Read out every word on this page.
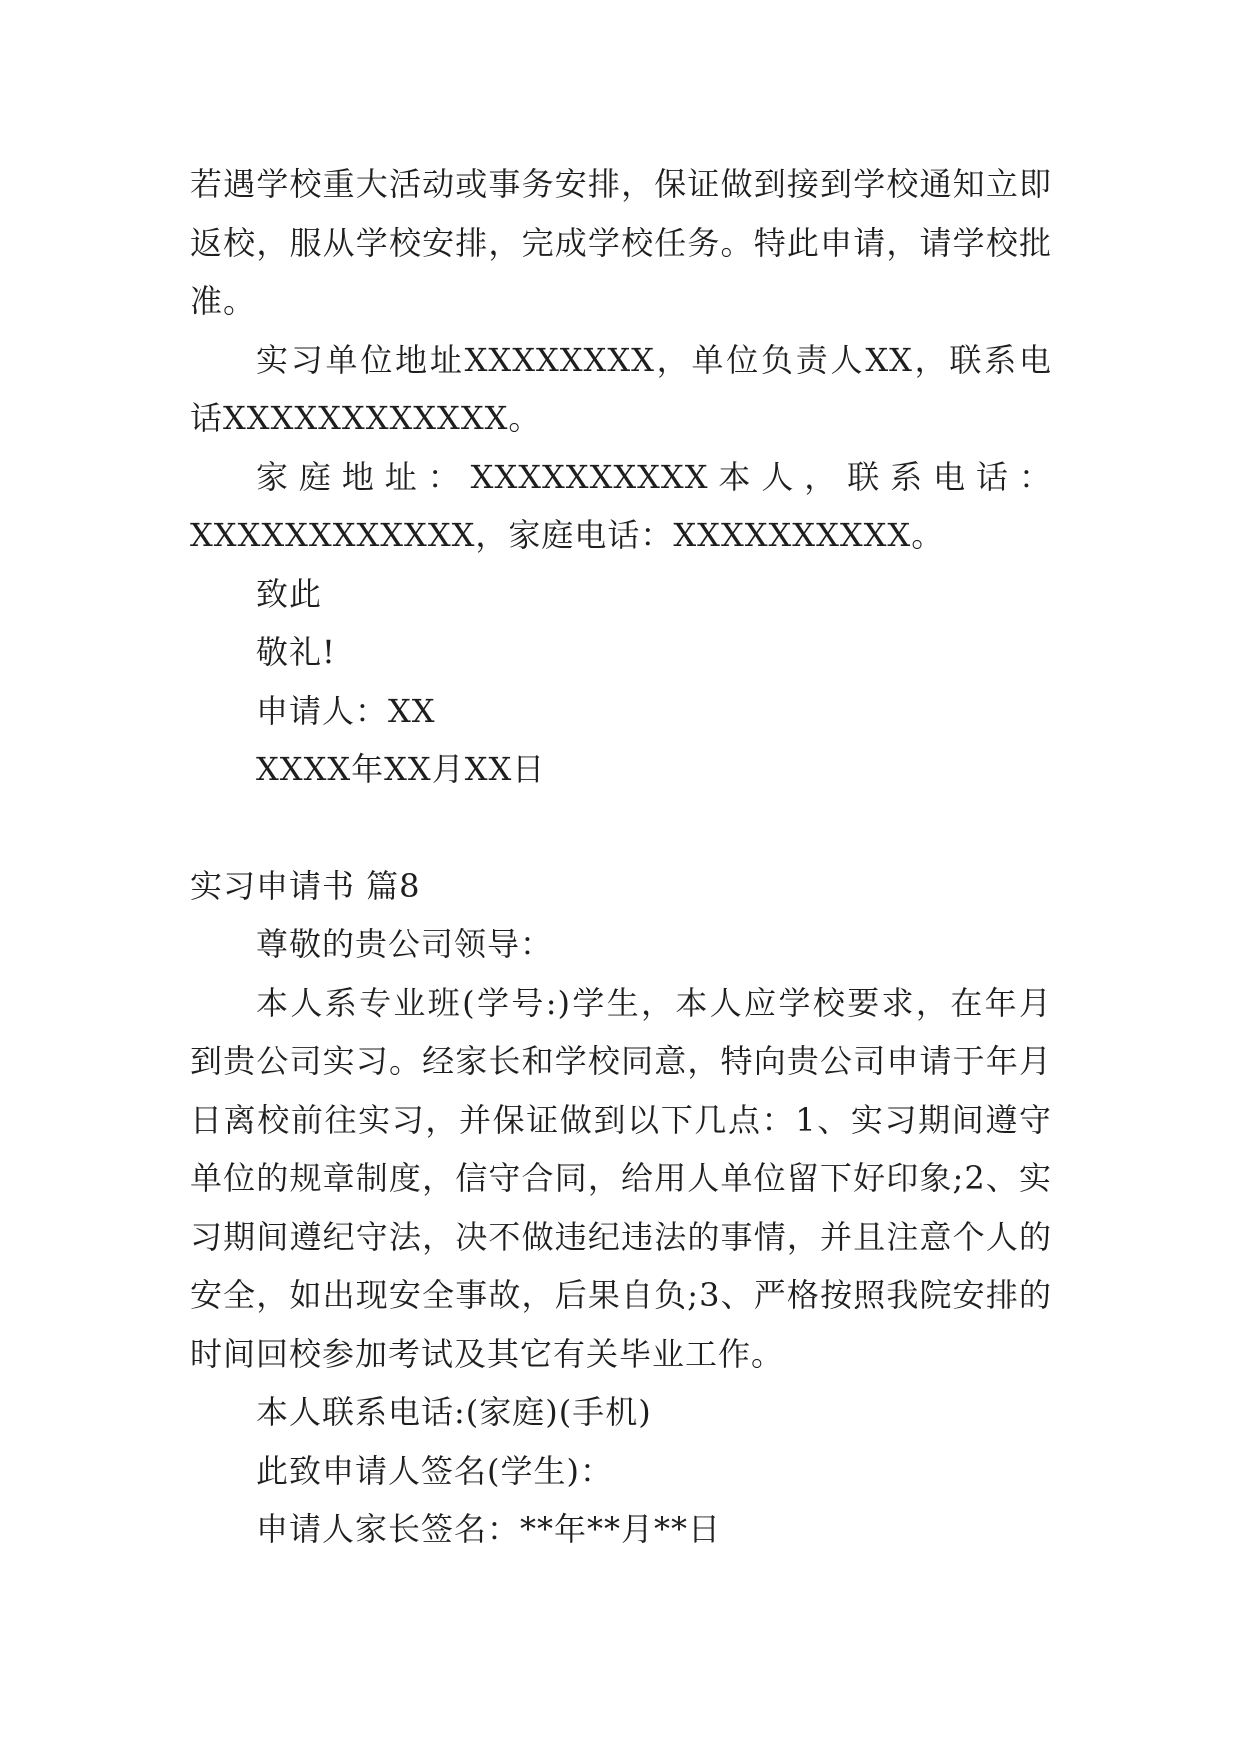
若遇学校重大活动或事务安排，保证做到接到学校通知立即返校，服从学校安排，完成学校任务。特此申请，请学校批准。

实习单位地址XXXXXXXX，单位负责人XX，联系电话XXXXXXXXXXXX。

家庭地址：XXXXXXXXXX本人，联系电话：XXXXXXXXXXXX，家庭电话：XXXXXXXXXX。

致此

敬礼!

申请人：XX

XXXX年XX月XX日

实习申请书 篇8

尊敬的贵公司领导：

本人系专业班(学号:)学生，本人应学校要求，在年月到贵公司实习。经家长和学校同意，特向贵公司申请于年月日离校前往实习，并保证做到以下几点：1、实习期间遵守单位的规章制度，信守合同，给用人单位留下好印象;2、实习期间遵纪守法，决不做违纪违法的事情，并且注意个人的安全，如出现安全事故，后果自负;3、严格按照我院安排的时间回校参加考试及其它有关毕业工作。

本人联系电话:(家庭)(手机)

此致申请人签名(学生)：

申请人家长签名：**年**月**日
